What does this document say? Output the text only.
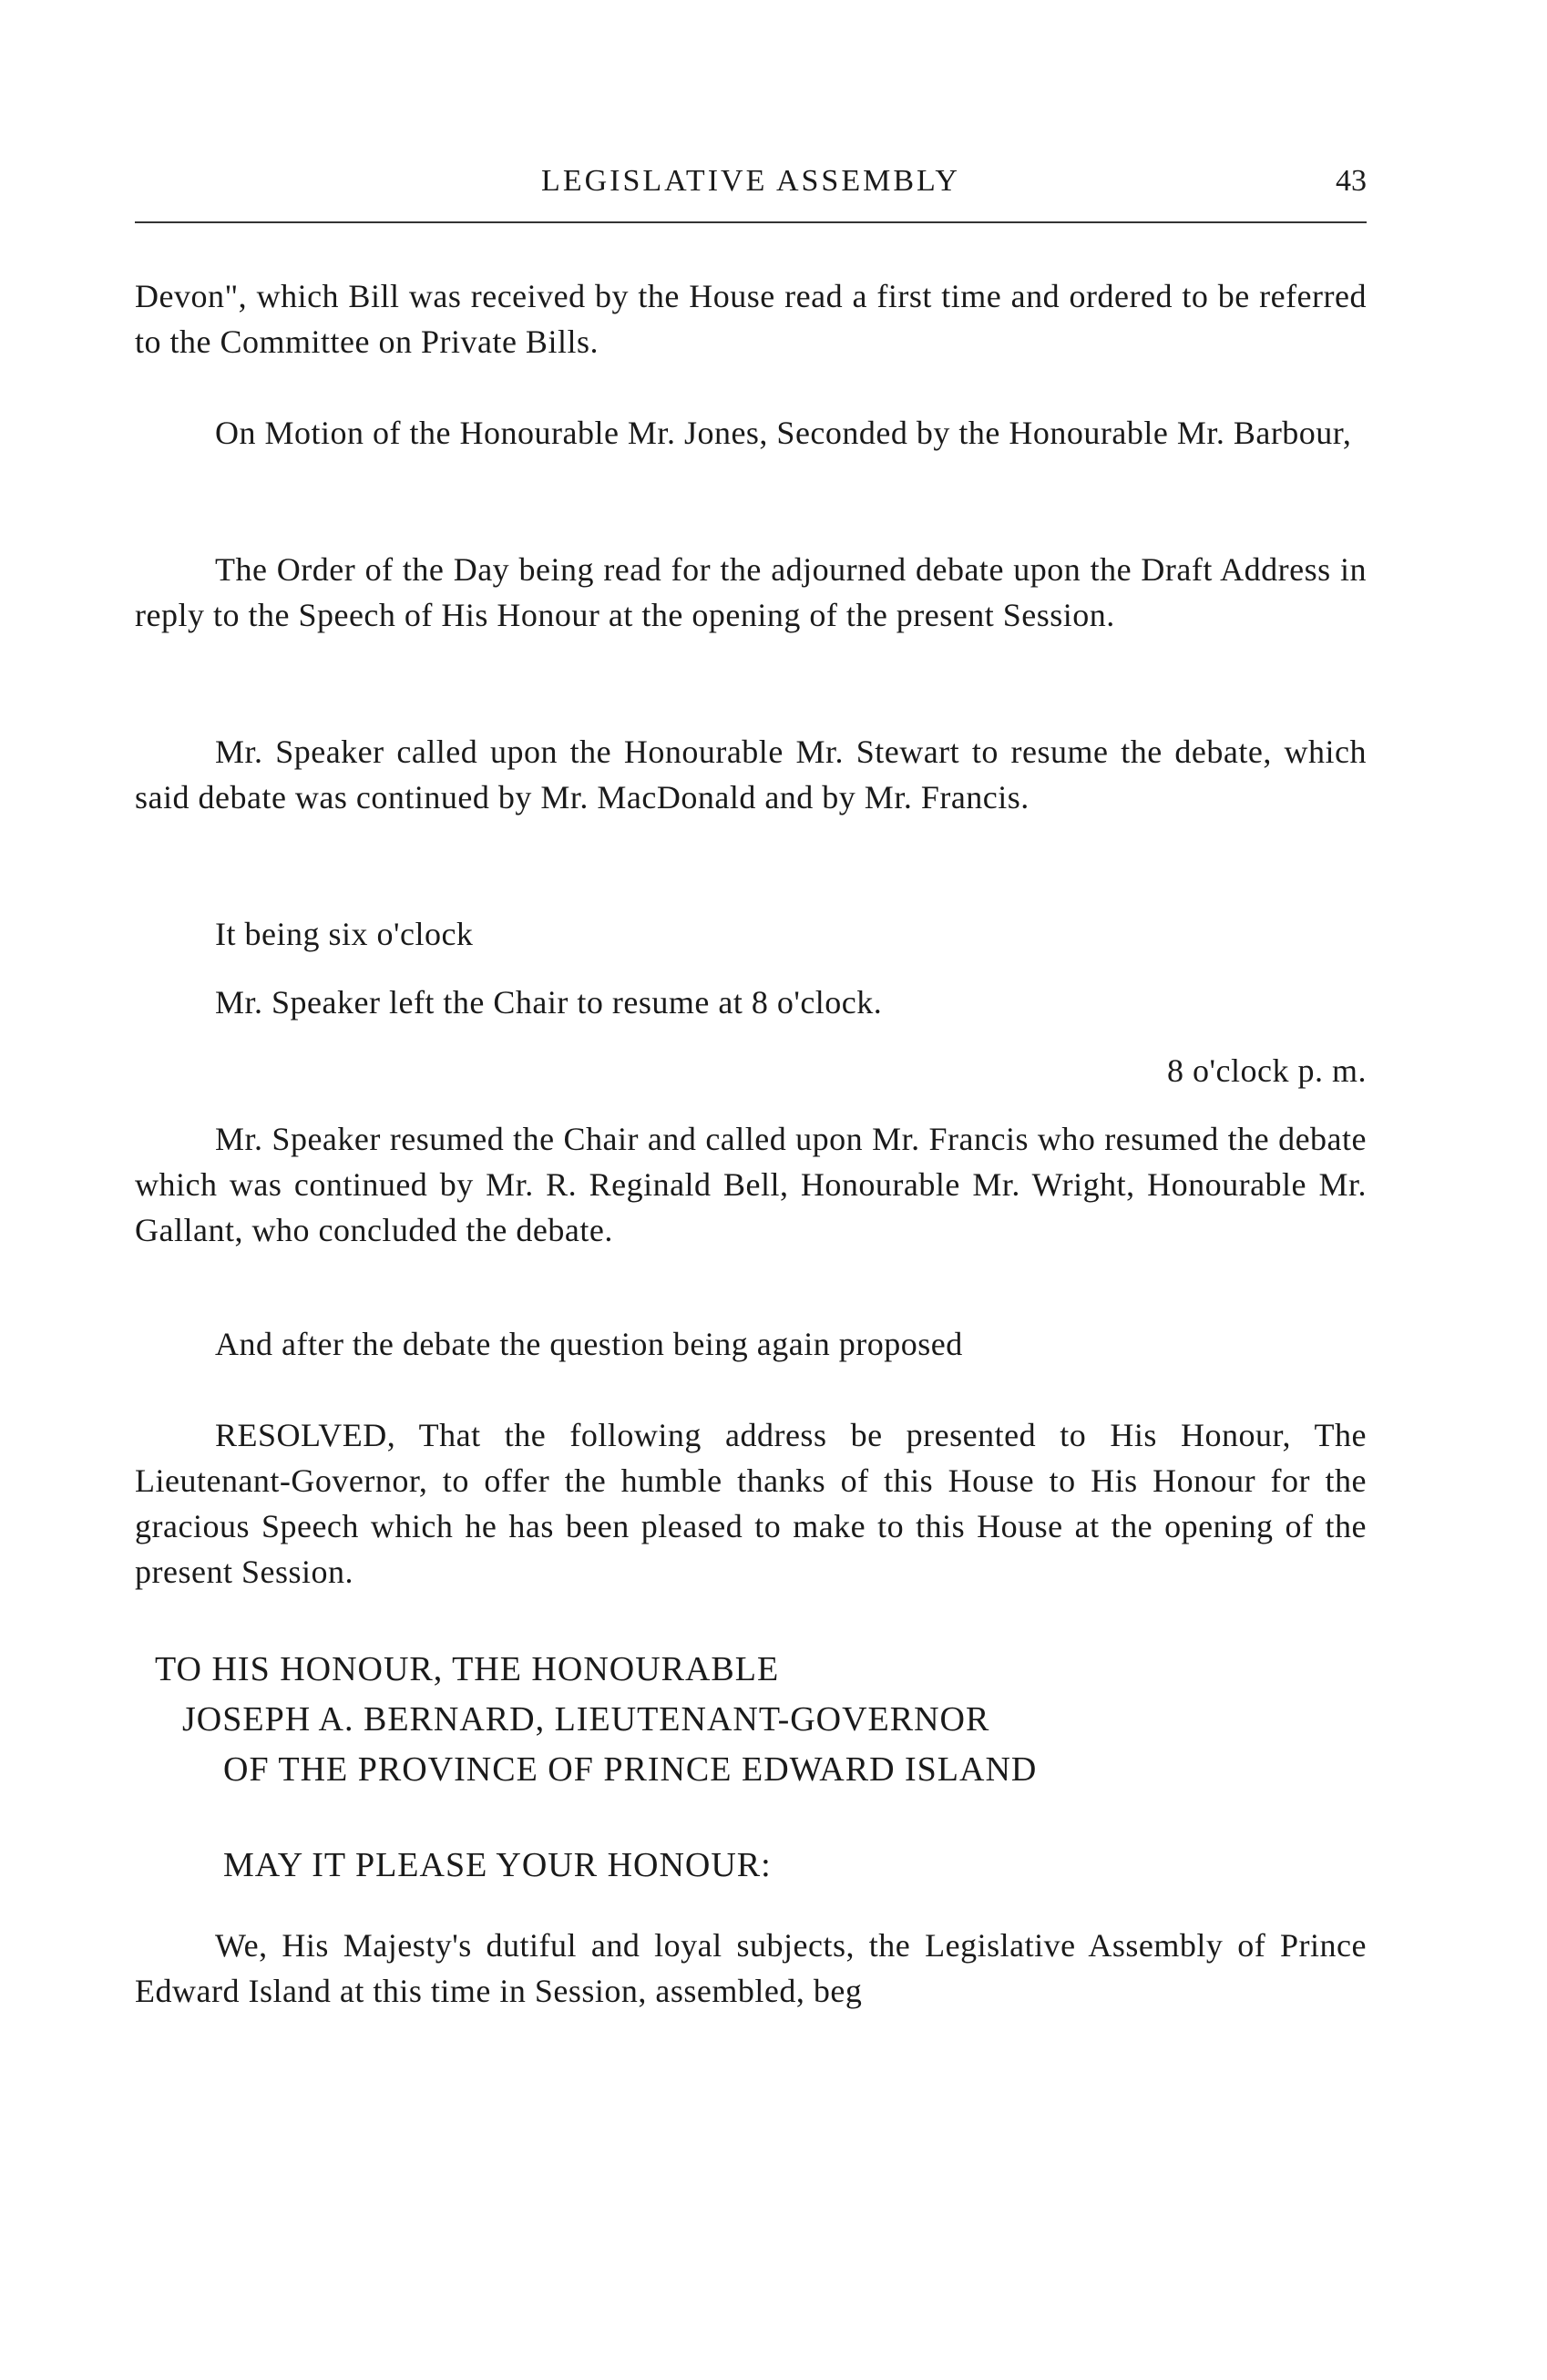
LEGISLATIVE ASSEMBLY	43

Devon", which Bill was received by the House read a first time and ordered to be referred to the Committee on Private Bills.

On Motion of the Honourable Mr. Jones, Seconded by the Honourable Mr. Barbour,

The Order of the Day being read for the adjourned debate upon the Draft Address in reply to the Speech of His Honour at the opening of the present Session.

Mr. Speaker called upon the Honourable Mr. Stewart to resume the debate, which said debate was continued by Mr. MacDonald and by Mr. Francis.

It being six o'clock

Mr. Speaker left the Chair to resume at 8 o'clock.

8 o'clock p. m.

Mr. Speaker resumed the Chair and called upon Mr. Francis who resumed the debate which was continued by Mr. R. Reginald Bell, Honourable Mr. Wright, Honourable Mr. Gallant, who concluded the debate.

And after the debate the question being again proposed

RESOLVED, That the following address be presented to His Honour, The Lieutenant-Governor, to offer the humble thanks of this House to His Honour for the gracious Speech which he has been pleased to make to this House at the opening of the present Session.

TO HIS HONOUR, THE HONOURABLE
JOSEPH A. BERNARD, LIEUTENANT-GOVERNOR
OF THE PROVINCE OF PRINCE EDWARD ISLAND
MAY IT PLEASE YOUR HONOUR:

We, His Majesty's dutiful and loyal subjects, the Legislative Assembly of Prince Edward Island at this time in Session, assembled, beg
